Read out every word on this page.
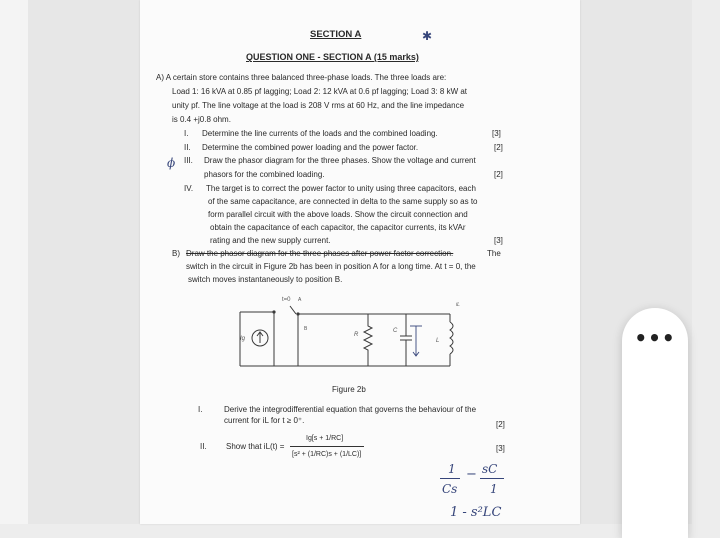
SECTION A	✱
QUESTION ONE - SECTION A (15 marks)
A) A certain store contains three balanced three-phase loads. The three loads are:
Load 1: 16 kVA at 0.85 pf lagging; Load 2: 12 kVA at 0.6 pf lagging; Load 3: 8 kW at
unity pf. The line voltage at the load is 208 V rms at 60 Hz, and the line impedance
is 0.4 +j0.8 ohm.
I. Determine the line currents of the loads and the combined loading.	[3]
II. Determine the combined power loading and the power factor.	[2]
ϕ III. Draw the phasor diagram for the three phases. Show the voltage and current
phasors for the combined loading.	[2]
IV. The target is to correct the power factor to unity using three capacitors, each
of the same capacitance, are connected in delta to the same supply so as to
form parallel circuit with the above loads. Show the circuit connection and
obtain the capacitance of each capacitor, the capacitor currents, its kVAr
rating and the new supply current.	[3]
B) Draw the phasor diagram for the three phases after power factor correction.	The
switch in the circuit in Figure 2b has been in position A for a long time. At t = 0, the
switch moves instantaneously to position B.
t=0 A
B
Ig
R
C
L
iL
Figure 2b
I.	Derive the integrodifferential equation that governs the behaviour of the
current for iL for t ≥ 0⁺.	[2]
II. Show that iL(t) =	[3]
Ig[s + 1/RC]
[s² + (1/RC)s + (1/LC)]
1
Cs
− sC
1
1 - s²LC
•••
